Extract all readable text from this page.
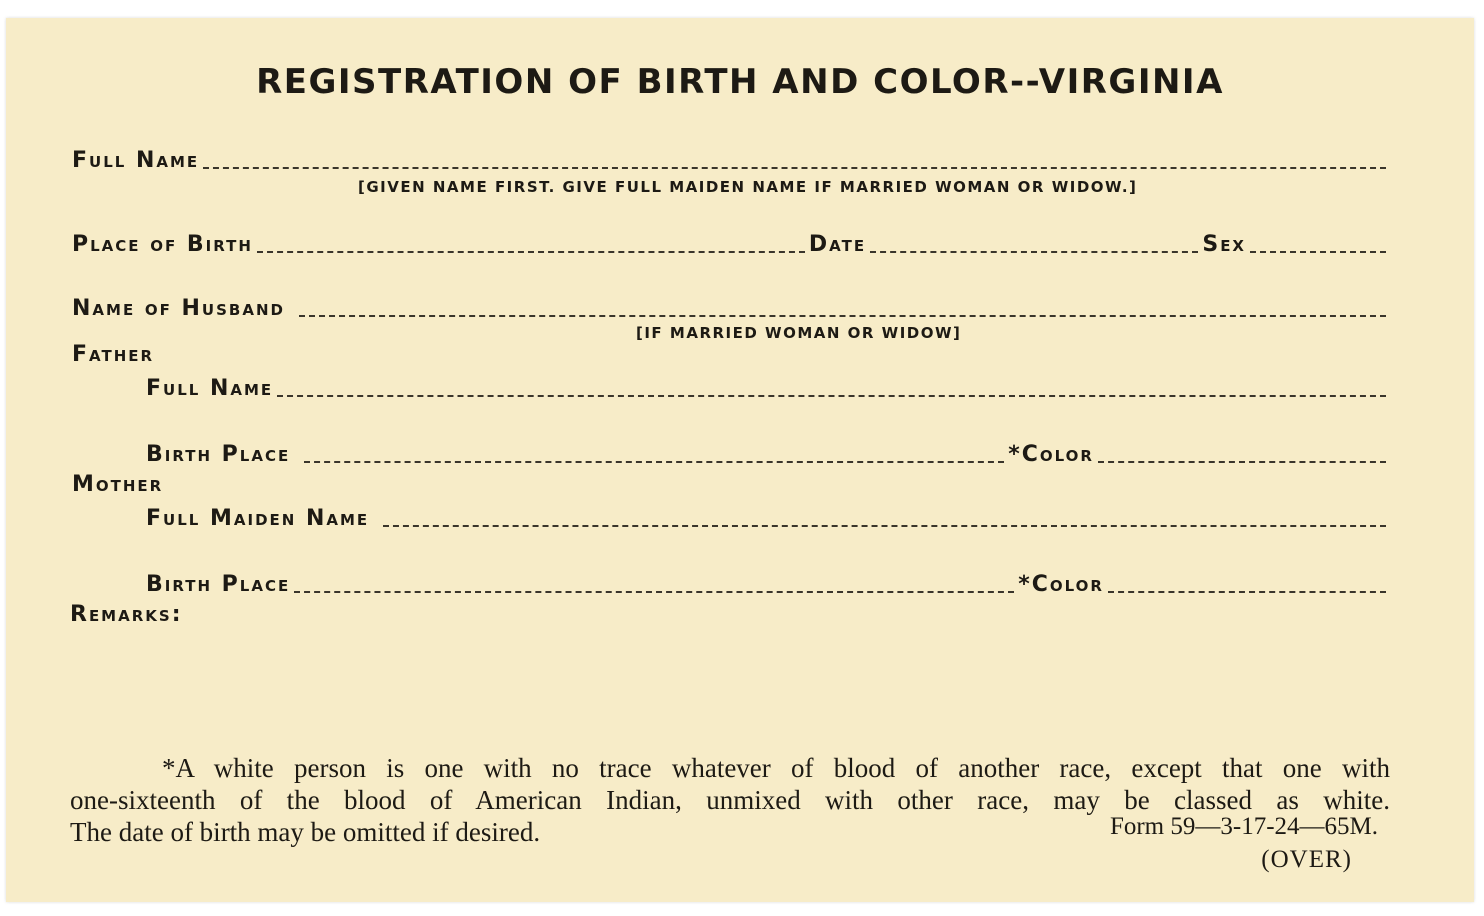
REGISTRATION OF BIRTH AND COLOR--VIRGINIA
Full Name
[GIVEN NAME FIRST. GIVE FULL MAIDEN NAME IF MARRIED WOMAN OR WIDOW.]
Place of Birth	Date	Sex
Name of Husband
[IF MARRIED WOMAN OR WIDOW]
Father
Full Name
Birth Place	*Color
Mother
Full Maiden Name
Birth Place	*Color
Remarks:
*A white person is one with no trace whatever of blood of another race, except that one with
one-sixteenth of the blood of American Indian, unmixed with other race, may be classed as white.
The date of birth may be omitted if desired.	Form 59—3-17-24—65M.
(OVER)
